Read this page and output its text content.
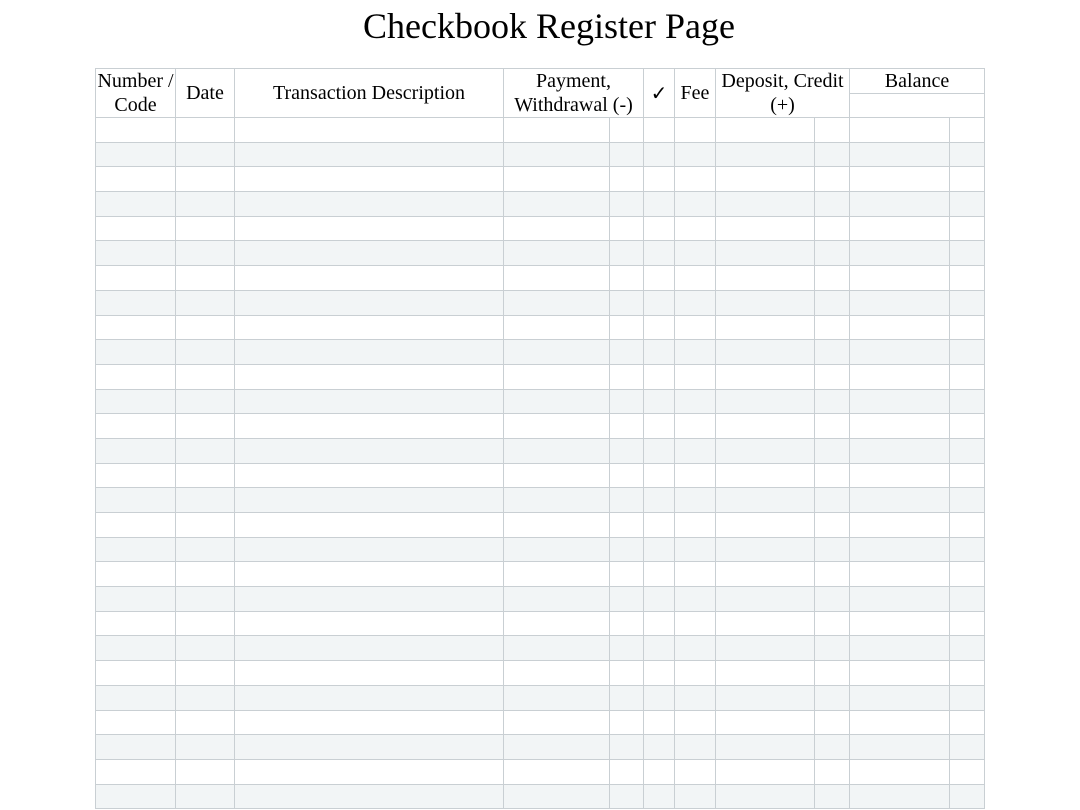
Checkbook Register Page
Number / Code	Date	Transaction Description	Payment, Withdrawal (-)		✓	Fee	Deposit, Credit (+)		Balance	
